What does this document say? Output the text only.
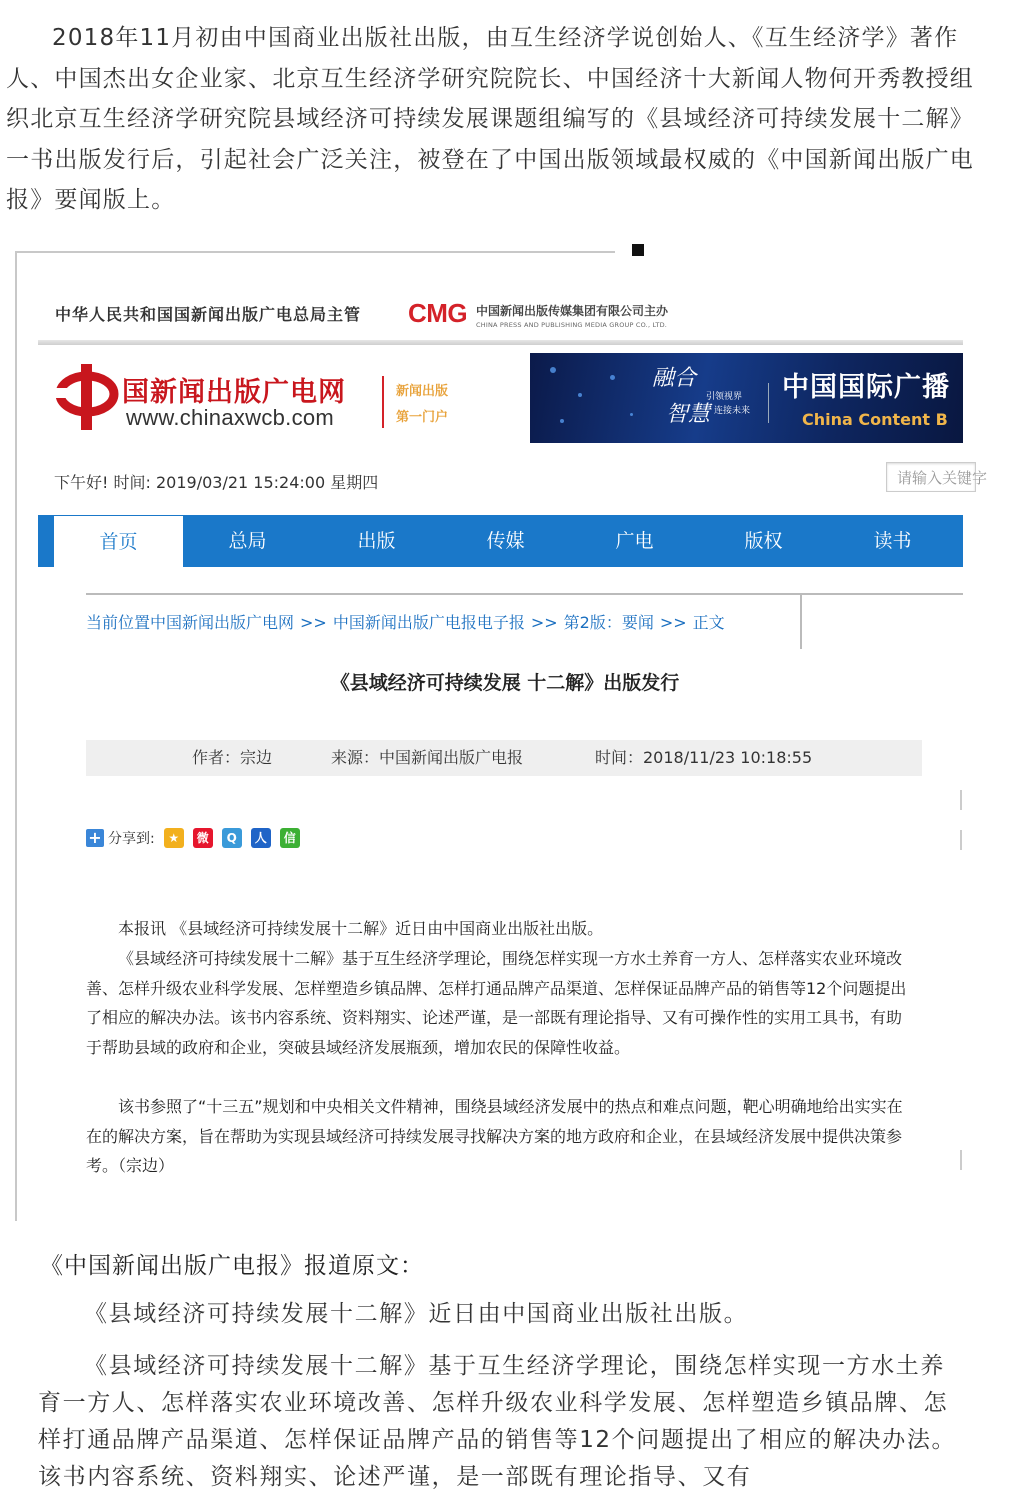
2018年11月初由中国商业出版社出版，由互生经济学说创始人、《互生经济学》著作人、中国杰出女企业家、北京互生经济学研究院院长、中国经济十大新闻人物何开秀教授组织北京互生经济学研究院县域经济可持续发展课题组编写的《县域经济可持续发展十二解》一书出版发行后，引起社会广泛关注，被登在了中国出版领域最权威的《中国新闻出版广电报》要闻版上。

中华人民共和国国新闻出版广电总局主管 CMG 中国新闻出版传媒集团有限公司主办
CHINA PRESS AND PUBLISHING MEDIA GROUP CO., LTD.
国新闻出版广电网
www.chinaxwcb.com
新闻出版
第一门户
融合
智慧
引领视界
连接未来
中国国际广播
China Content B
下午好! 时间: 2019/03/21 15:24:00 星期四	请输入关键字
首页	总局	出版	传媒	广电	版权	读书
当前位置中国新闻出版广电网 >> 中国新闻出版广电报电子报 >> 第2版：要闻 >> 正文
《县域经济可持续发展 十二解》出版发行
作者：宗边	来源：中国新闻出版广电报	时间：2018/11/23 10:18:55
+ 分享到:	★	微	Q	人	信

本报讯 《县域经济可持续发展十二解》近日由中国商业出版社出版。

《县域经济可持续发展十二解》基于互生经济学理论，围绕怎样实现一方水土养育一方人、怎样落实农业环境改善、怎样升级农业科学发展、怎样塑造乡镇品牌、怎样打通品牌产品渠道、怎样保证品牌产品的销售等12个问题提出了相应的解决办法。该书内容系统、资料翔实、论述严谨，是一部既有理论指导、又有可操作性的实用工具书，有助于帮助县域的政府和企业，突破县域经济发展瓶颈，增加农民的保障性收益。

该书参照了“十三五”规划和中央相关文件精神，围绕县域经济发展中的热点和难点问题，靶心明确地给出实实在在的解决方案，旨在帮助为实现县域经济可持续发展寻找解决方案的地方政府和企业，在县域经济发展中提供决策参考。（宗边）

《中国新闻出版广电报》报道原文：

《县域经济可持续发展十二解》近日由中国商业出版社出版。

《县域经济可持续发展十二解》基于互生经济学理论，围绕怎样实现一方水土养育一方人、怎样落实农业环境改善、怎样升级农业科学发展、怎样塑造乡镇品牌、怎样打通品牌产品渠道、怎样保证品牌产品的销售等12个问题提出了相应的解决办法。该书内容系统、资料翔实、论述严谨，是一部既有理论指导、又有
